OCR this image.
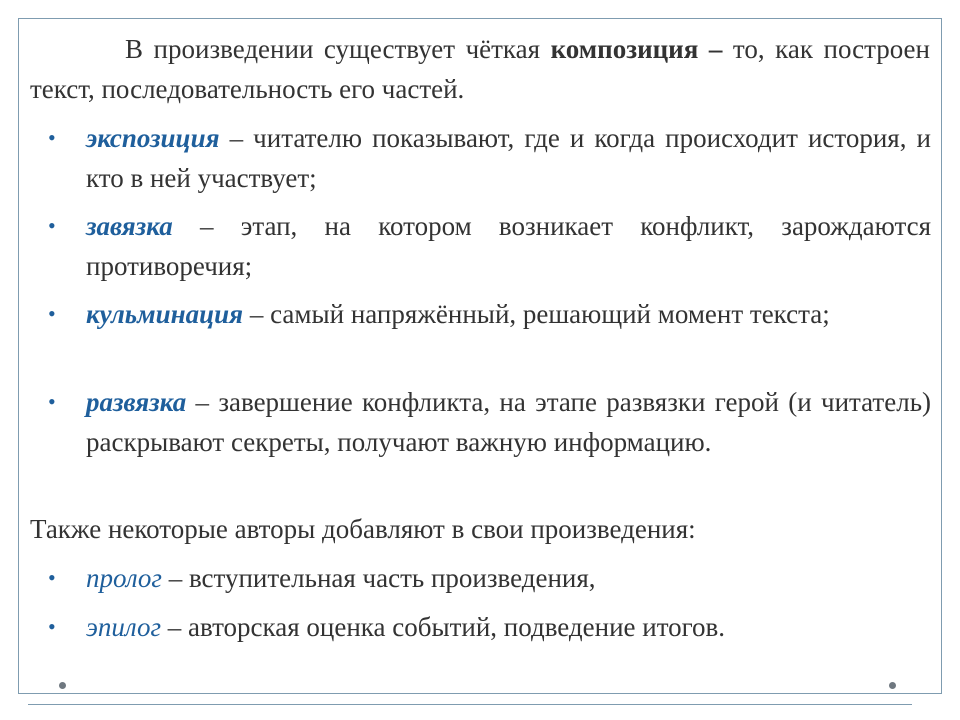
В произведении существует чёткая композиция – то, как построен текст, последовательность его частей.

• экспозиция – читателю показывают, где и когда происходит история, и кто в ней участвует;
• завязка – этап, на котором возникает конфликт, зарождаются противоречия;
• кульминация – самый напряжённый, решающий момент текста;
• развязка – завершение конфликта, на этапе развязки герой (и читатель) раскрывают секреты, получают важную информацию.

Также некоторые авторы добавляют в свои произведения:

• пролог – вступительная часть произведения,
• эпилог – авторская оценка событий, подведение итогов.
